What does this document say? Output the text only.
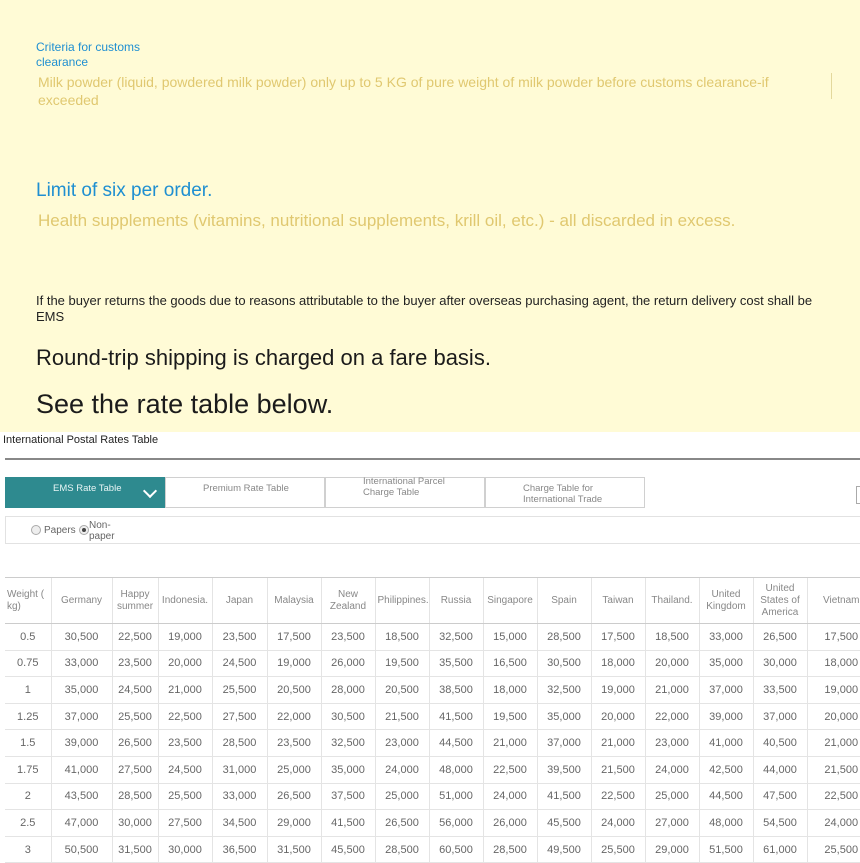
Criteria for customs clearance
Milk powder (liquid, powdered milk powder) only up to 5 KG of pure weight of milk powder before customs clearance-if exceeded
Limit of six per order.
Health supplements (vitamins, nutritional supplements, krill oil, etc.) - all discarded in excess.
If the buyer returns the goods due to reasons attributable to the buyer after overseas purchasing agent, the return delivery cost shall be EMS
Round-trip shipping is charged on a fare basis.
See the rate table below.
International Postal Rates Table
EMS Rate Table	Premium Rate Table
International Parcel Charge Table	Charge Table for International Trade
Papers Non-paper
Weight ( kg)	Germany	Happy summer	Indonesia.	Japan	Malaysia	New Zealand	Philippines.	Russia	Singapore	Spain	Taiwan	Thailand.	United Kingdom	United States of America	Vietnam
0.5	30,500	22,500	19,000	23,500	17,500	23,500	18,500	32,500	15,000	28,500	17,500	18,500	33,000	26,500	17,500
0.75	33,000	23,500	20,000	24,500	19,000	26,000	19,500	35,500	16,500	30,500	18,000	20,000	35,000	30,000	18,000
1	35,000	24,500	21,000	25,500	20,500	28,000	20,500	38,500	18,000	32,500	19,000	21,000	37,000	33,500	19,000
1.25	37,000	25,500	22,500	27,500	22,000	30,500	21,500	41,500	19,500	35,000	20,000	22,000	39,000	37,000	20,000
1.5	39,000	26,500	23,500	28,500	23,500	32,500	23,000	44,500	21,000	37,000	21,000	23,000	41,000	40,500	21,000
1.75	41,000	27,500	24,500	31,000	25,000	35,000	24,000	48,000	22,500	39,500	21,500	24,000	42,500	44,000	21,500
2	43,500	28,500	25,500	33,000	26,500	37,500	25,000	51,000	24,000	41,500	22,500	25,000	44,500	47,500	22,500
2.5	47,000	30,000	27,500	34,500	29,000	41,500	26,500	56,000	26,000	45,500	24,000	27,000	48,000	54,500	24,000
3	50,500	31,500	30,000	36,500	31,500	45,500	28,500	60,500	28,500	49,500	25,500	29,000	51,500	61,000	25,500
